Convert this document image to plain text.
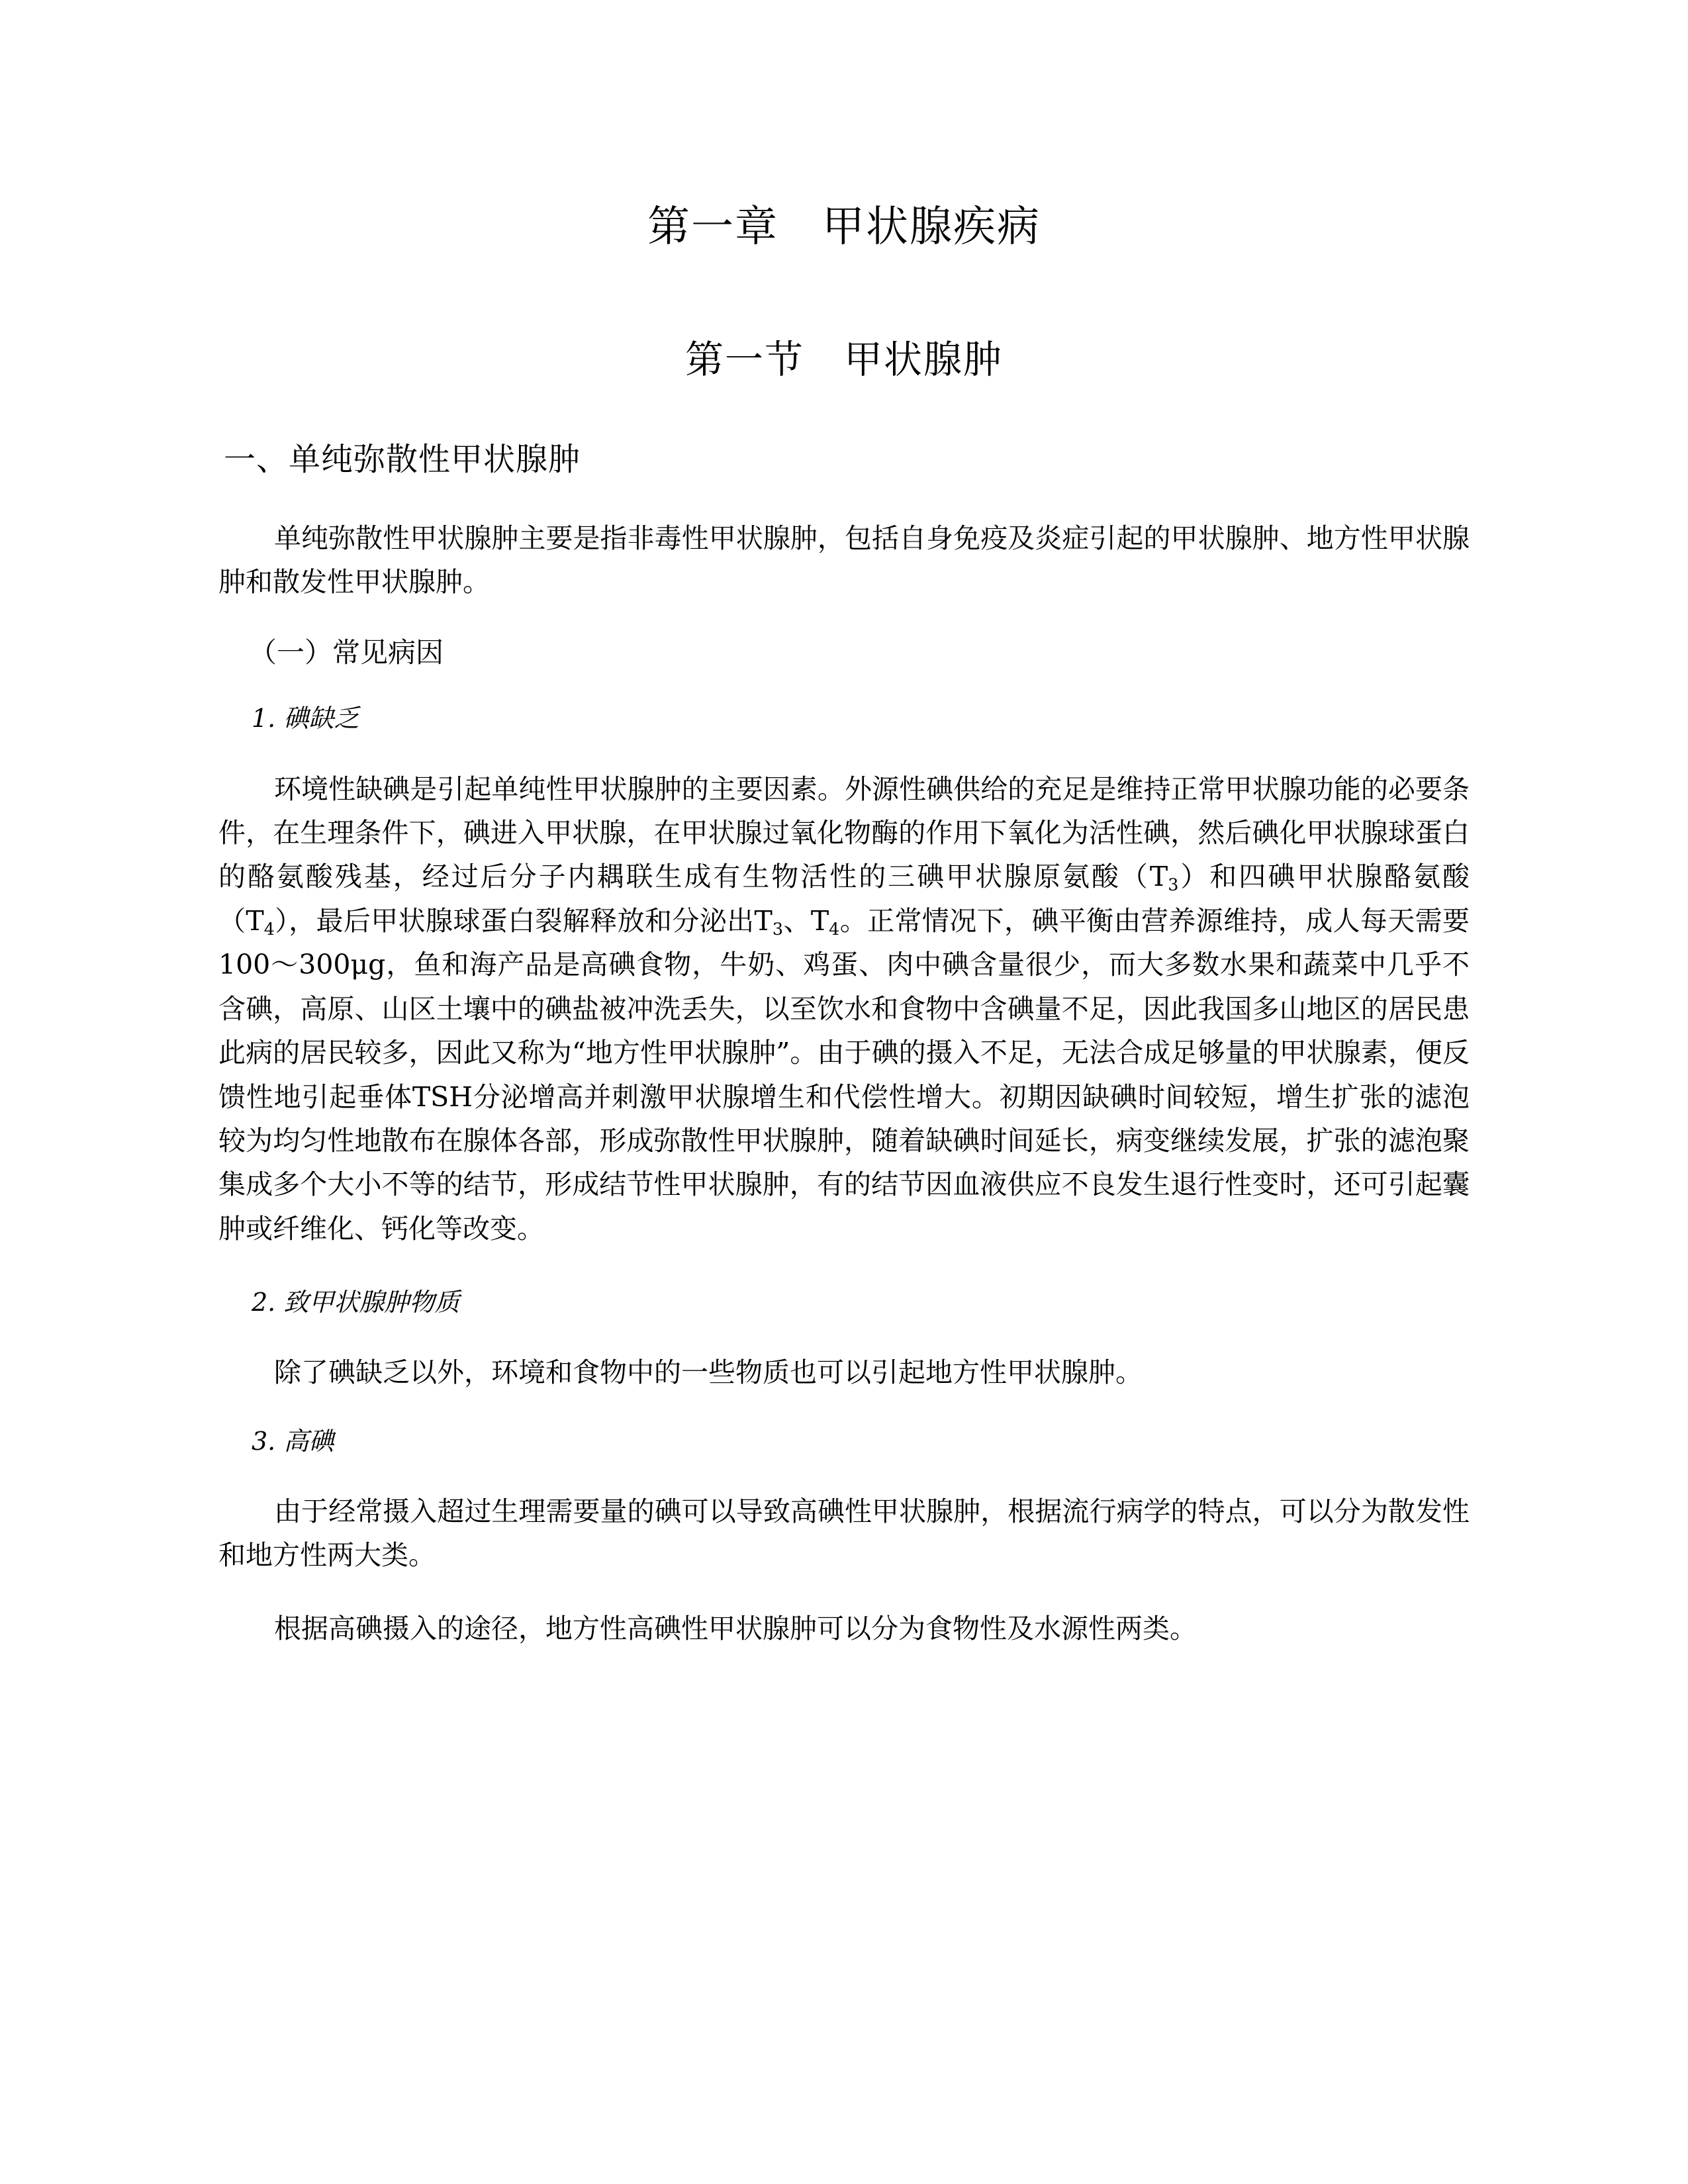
第一章　甲状腺疾病
第一节　甲状腺肿
一、单纯弥散性甲状腺肿

单纯弥散性甲状腺肿主要是指非毒性甲状腺肿，包括自身免疫及炎症引起的甲状腺肿、地方性甲状腺肿和散发性甲状腺肿。

（一）常见病因
1. 碘缺乏

环境性缺碘是引起单纯性甲状腺肿的主要因素。外源性碘供给的充足是维持正常甲状腺功能的必要条件，在生理条件下，碘进入甲状腺，在甲状腺过氧化物酶的作用下氧化为活性碘，然后碘化甲状腺球蛋白的酪氨酸残基，经过后分子内耦联生成有生物活性的三碘甲状腺原氨酸$(T_3)$和四碘甲状腺酪氨酸$(T_4)$，最后甲状腺球蛋白裂解释放和分泌出$T_3$、$T_4$。正常情况下，碘平衡由营养源维持，成人每天需要100～300μg，鱼和海产品是高碘食物，牛奶、鸡蛋、肉中碘含量很少，而大多数水果和蔬菜中几乎不含碘，高原、山区土壤中的碘盐被冲洗丢失，以至饮水和食物中含碘量不足，因此我国多山地区的居民患此病的居民较多，因此又称为“地方性甲状腺肿”。由于碘的摄入不足，无法合成足够量的甲状腺素，便反馈性地引起垂体TSH分泌增高并刺激甲状腺增生和代偿性增大。初期因缺碘时间较短，增生扩张的滤泡较为均匀性地散布在腺体各部，形成弥散性甲状腺肿，随着缺碘时间延长，病变继续发展，扩张的滤泡聚集成多个大小不等的结节，形成结节性甲状腺肿，有的结节因血液供应不良发生退行性变时，还可引起囊肿或纤维化、钙化等改变。

2. 致甲状腺肿物质

除了碘缺乏以外，环境和食物中的一些物质也可以引起地方性甲状腺肿。

3. 高碘

由于经常摄入超过生理需要量的碘可以导致高碘性甲状腺肿，根据流行病学的特点，可以分为散发性和地方性两大类。

根据高碘摄入的途径，地方性高碘性甲状腺肿可以分为食物性及水源性两类。
